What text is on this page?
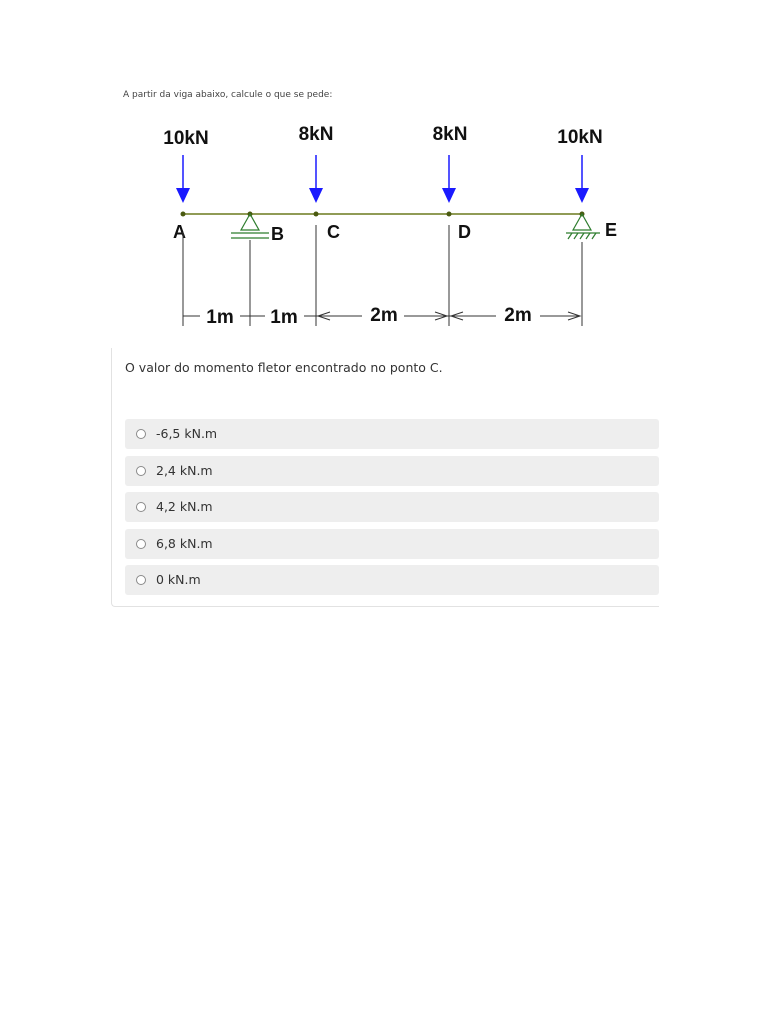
A partir da viga abaixo, calcule o que se pede:
10kN	8kN	8kN	10kN
A	B C	D	E
1m 1m	2m	2m
O valor do momento fletor encontrado no ponto C.
-6,5 kN.m
2,4 kN.m
4,2 kN.m
6,8 kN.m
0 kN.m
